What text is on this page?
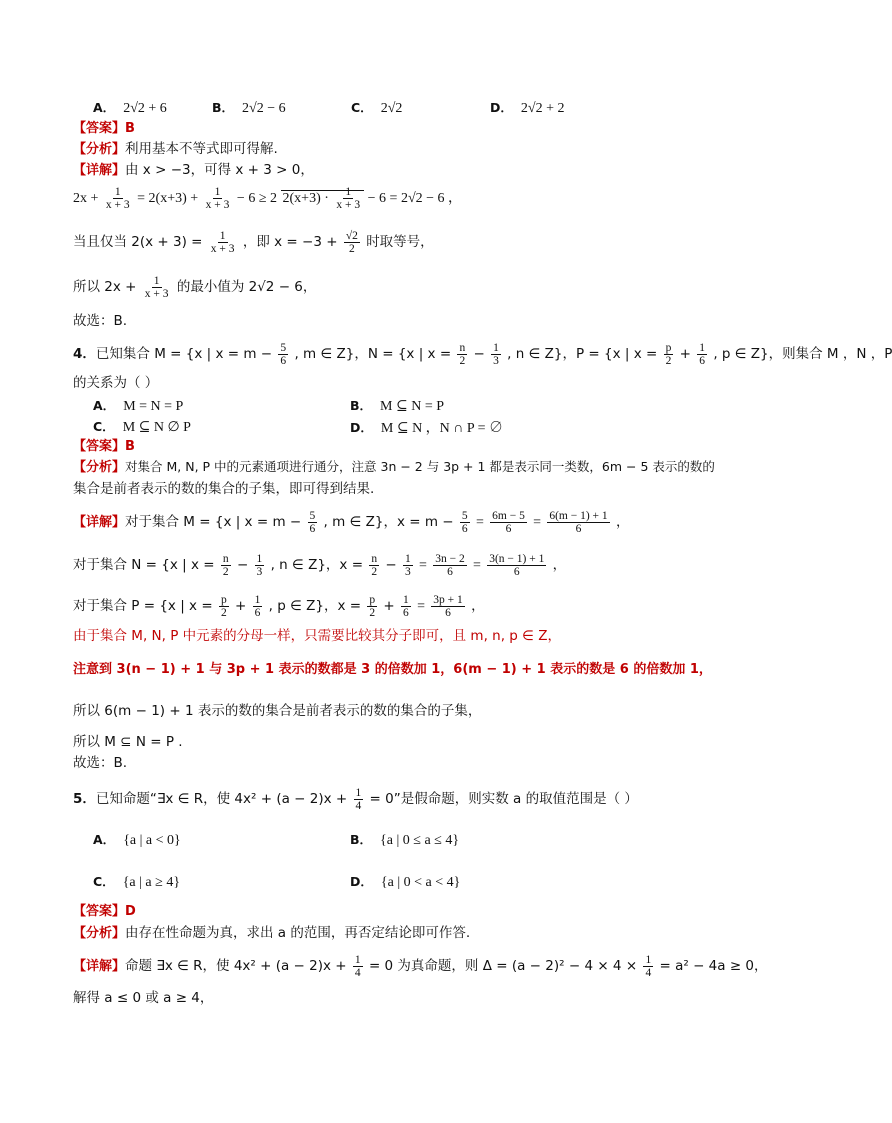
A． 2√2 + 6	B． 2√2 − 6	C． 2√2	D． 2√2 + 2
【答案】B
【分析】利用基本不等式即可得解.
【详解】由 x > −3，可得 x + 3 > 0，
$2x + \frac{1}{x + 3} = 2(x+3) + \frac{1}{x + 3} - 6 \ge 2$ $2(x+3) \cdot \frac{1}{x + 3} - 6 = 2√2 - 6$ ，
当且仅当 $2(x + 3) = \frac{1}{x + 3}$ ，即 $x = -3 + \frac{√2}{2}$ 时取等号，
所以 $2x + \frac{1}{x + 3}$ 的最小值为 2√2 − 6，
故选：B.
4．已知集合 M = {x | $x = m - \frac{5}{6}$ , m ∈ Z}，N = {x | $x = \frac{n}{2} - \frac{1}{3}$ , n ∈ Z}，P = {x | $x = \frac{p}{2} + \frac{1}{6}$ , p ∈ Z}，则集合 M ，N ，P
的关系为（ ）
A． M = N = P	B． M ⊆ N = P
C． M ⊆ N ∅ P	D． M ⊆ N ，N ∩ P = ∅
【答案】B
【分析】对集合 M, N, P 中的元素通项进行通分，注意 3n − 2 与 3p + 1 都是表示同一类数，6m − 5 表示的数的
集合是前者表示的数的集合的子集，即可得到结果.
【详解】对于集合 M = {x | $x = m - \frac{5}{6}$ , m ∈ Z}，$x = m - \frac{5}{6} = \frac{6m - 5}{6} = \frac{6(m - 1) + 1}{6}$ ，
对于集合 N = {x | $x = \frac{n}{2} - \frac{1}{3}$ , n ∈ Z}，$x = \frac{n}{2} - \frac{1}{3} = \frac{3n - 2}{6} = \frac{3(n - 1) + 1}{6}$ ，
对于集合 P = {x | $x = \frac{p}{2} + \frac{1}{6}$ , p ∈ Z}，$x = \frac{p}{2} + \frac{1}{6} = \frac{3p + 1}{6}$ ，
由于集合 M, N, P 中元素的分母一样，只需要比较其分子即可，且 m, n, p ∈ Z，
注意到 3(n − 1) + 1 与 3p + 1 表示的数都是 3 的倍数加 1，6(m − 1) + 1 表示的数是 6 的倍数加 1，
所以 6(m − 1) + 1 表示的数的集合是前者表示的数的集合的子集，
所以 M ⊆ N = P .
故选：B.
5．已知命题“∃x ∈ R，使 $4x^2 + (a - 2)x + \frac{1}{4} = 0$”是假命题，则实数 a 的取值范围是（ ）
A． {a | a < 0}	B． {a | 0 ≤ a ≤ 4}
C． {a | a ≥ 4}	D． {a | 0 < a < 4}
【答案】D
【分析】由存在性命题为真，求出 a 的范围，再否定结论即可作答.
【详解】命题 ∃x ∈ R，使 $4x^2 + (a - 2)x + \frac{1}{4} = 0$ 为真命题，则 $\Delta = (a - 2)^2 - 4 \times 4 \times \frac{1}{4} = a^2 - 4a \ge 0$，
解得 a ≤ 0 或 a ≥ 4，
